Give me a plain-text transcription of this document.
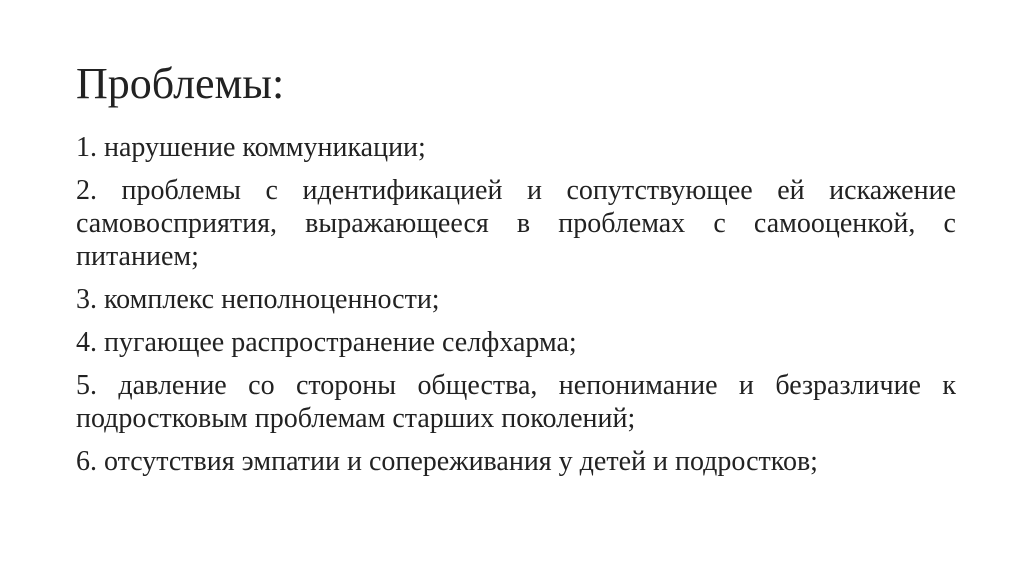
Проблемы:

1. нарушение коммуникации;

2. проблемы с идентификацией и сопутствующее ей искажение самовосприятия, выражающееся в проблемах с самооценкой, с питанием;

3. комплекс неполноценности;

4. пугающее распространение селфхарма;

5. давление со стороны общества, непонимание и безразличие к подростковым проблемам старших поколений;

6. отсутствия эмпатии и сопереживания у детей и подростков;
